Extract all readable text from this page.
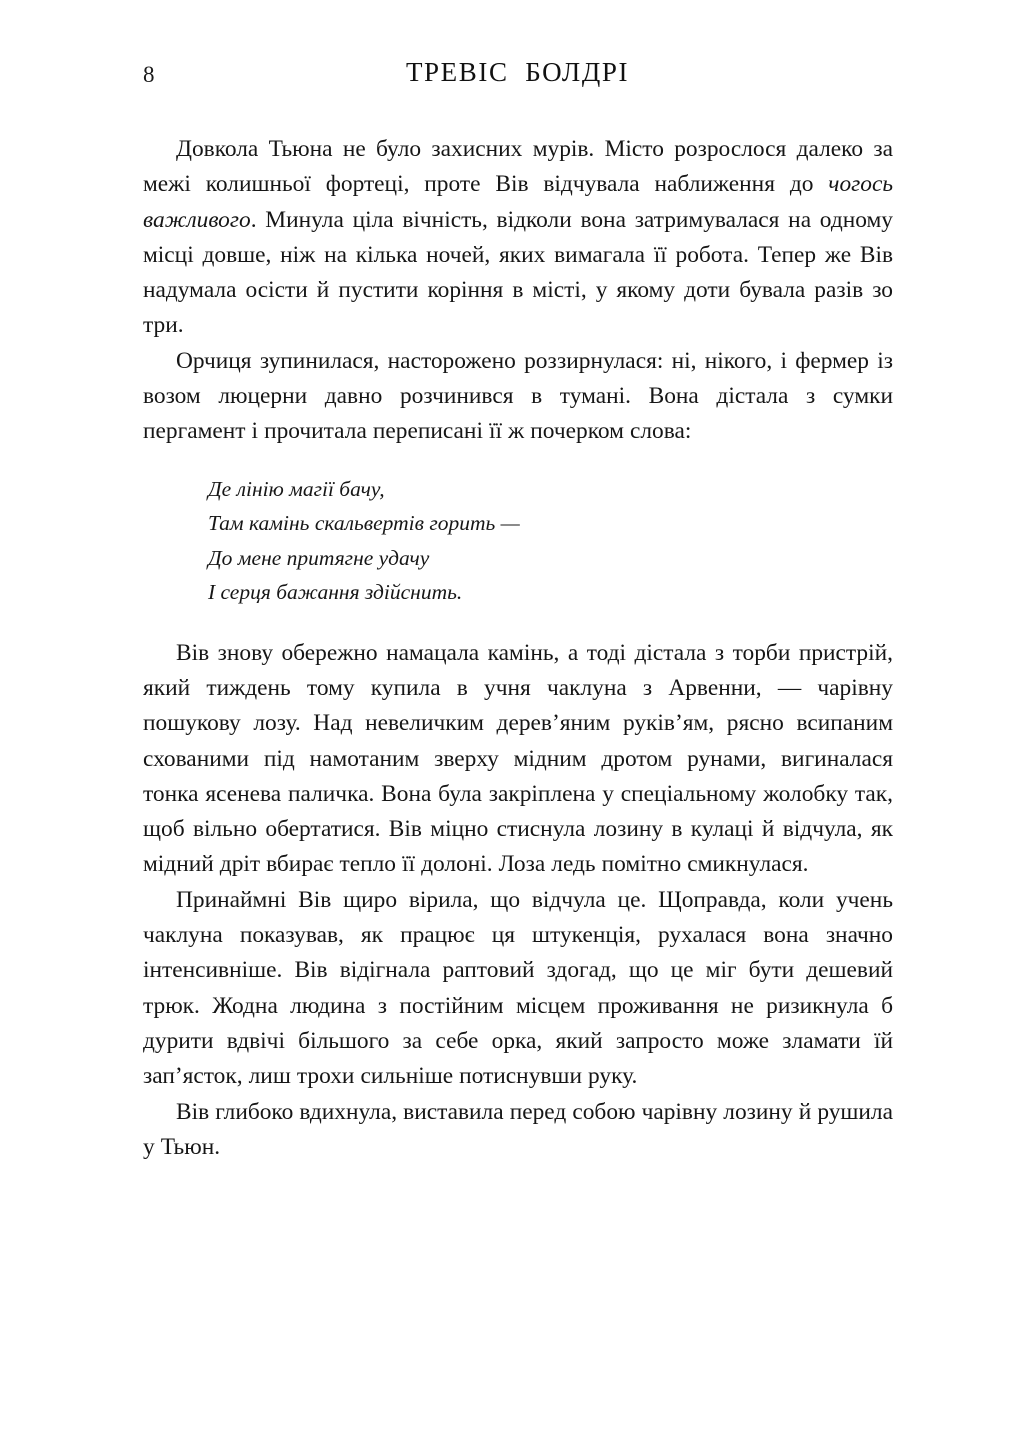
8	ТРЕВІС  БОЛДРІ

Довкола Тьюна не було захисних мурів. Місто розрослося далеко за межі колишньої фортеці, проте Вів відчувала наближення до чогось важливого. Минула ціла вічність, відколи вона затримувалася на одному місці довше, ніж на кілька ночей, яких вимагала її робота. Тепер же Вів надумала осісти й пустити коріння в місті, у якому доти бувала разів зо три.

Орчиця зупинилася, насторожено роззирнулася: ні, нікого, і фермер із возом люцерни давно розчинився в тумані. Вона дістала з сумки пергамент і прочитала переписані її ж почерком слова:

Де лінію магії бачу,
Там камінь скальвертів горить —
До мене притягне удачу
І серця бажання здійснить.

Вів знову обережно намацала камінь, а тоді дістала з торби пристрій, який тиждень тому купила в учня чаклуна з Арвенни, — чарівну пошукову лозу. Над невеличким дерев’яним руків’ям, рясно всипаним схованими під намотаним зверху мідним дротом рунами, вигиналася тонка ясенева паличка. Вона була закріплена у спеціальному жолобку так, щоб вільно обертатися. Вів міцно стиснула лозину в кулаці й відчула, як мідний дріт вбирає тепло її долоні. Лоза ледь помітно смикнулася.

Принаймні Вів щиро вірила, що відчула це. Щоправда, коли учень чаклуна показував, як працює ця штукенція, рухалася вона значно інтенсивніше. Вів відігнала раптовий здогад, що це міг бути дешевий трюк. Жодна людина з постійним місцем проживання не ризикнула б дурити вдвічі більшого за себе орка, який запросто може зламати їй зап’ясток, лиш трохи сильніше потиснувши руку.

Вів глибоко вдихнула, виставила перед собою чарівну лозину й рушила у Тьюн.
